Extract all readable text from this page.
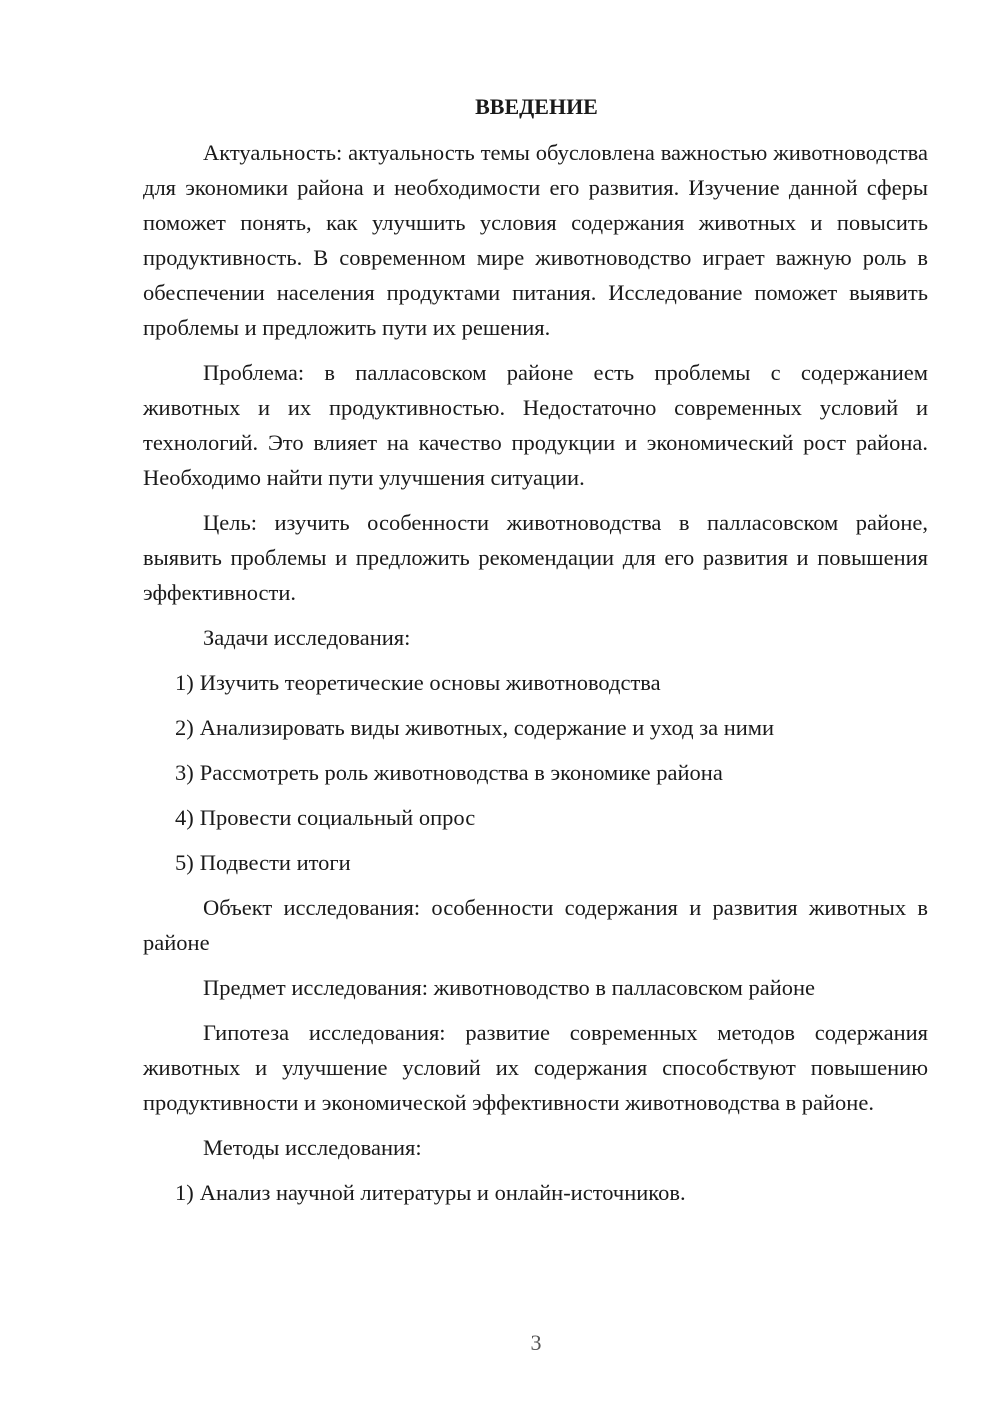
ВВЕДЕНИЕ

Актуальность: актуальность темы обусловлена важностью животноводства для экономики района и необходимости его развития. Изучение данной сферы поможет понять, как улучшить условия содержания животных и повысить продуктивность. В современном мире животноводство играет важную роль в обеспечении населения продуктами питания. Исследование поможет выявить проблемы и предложить пути их решения.

Проблема: в палласовском районе есть проблемы с содержанием животных и их продуктивностью. Недостаточно современных условий и технологий. Это влияет на качество продукции и экономический рост района. Необходимо найти пути улучшения ситуации.

Цель: изучить особенности животноводства в палласовском районе, выявить проблемы и предложить рекомендации для его развития и повышения эффективности.

Задачи исследования:

1) Изучить теоретические основы животноводства
2) Анализировать виды животных, содержание и уход за ними
3) Рассмотреть роль животноводства в экономике района
4) Провести социальный опрос
5) Подвести итоги

Объект исследования: особенности содержания и развития животных в районе

Предмет исследования: животноводство в палласовском районе

Гипотеза исследования: развитие современных методов содержания животных и улучшение условий их содержания способствуют повышению продуктивности и экономической эффективности животноводства в районе.

Методы исследования:

1) Анализ научной литературы и онлайн-источников.
3
